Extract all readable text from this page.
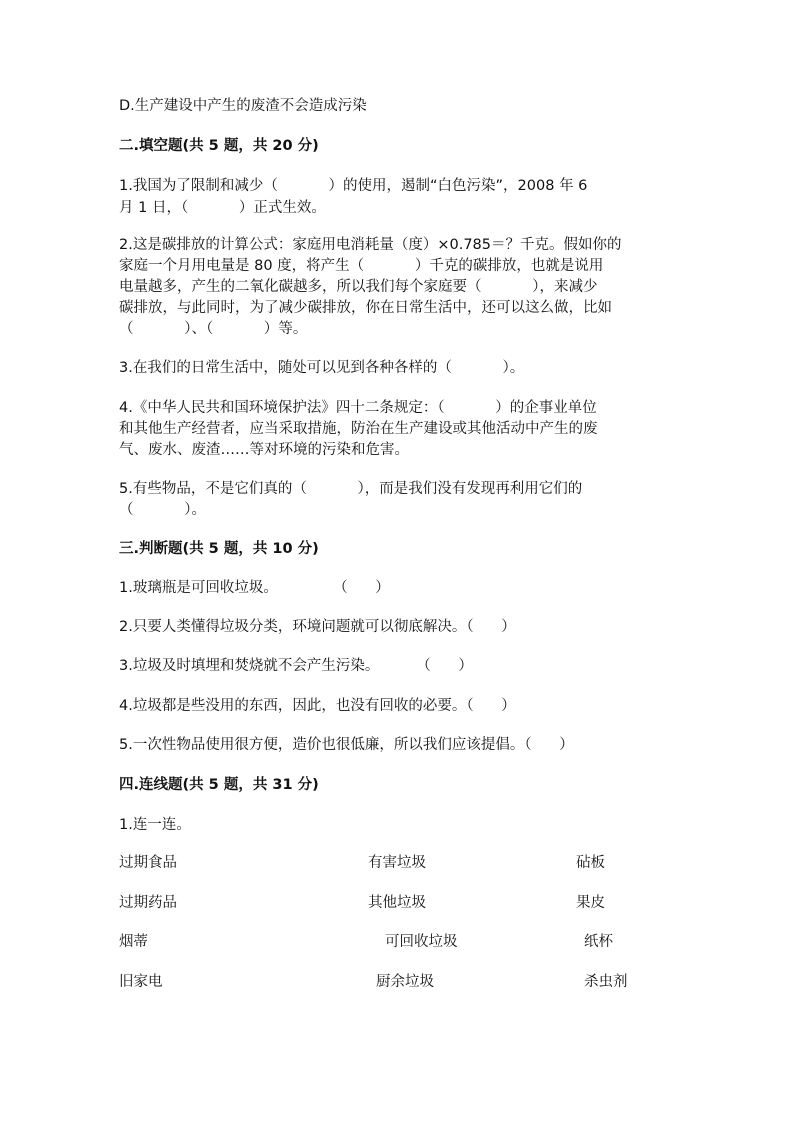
D.生产建设中产生的废渣不会造成污染
二.填空题(共 5 题，共 20 分)
1.我国为了限制和减少（           ）的使用，遏制“白色污染”，2008 年 6
月 1 日，（           ）正式生效。
2.这是碳排放的计算公式：家庭用电消耗量（度）×0.785＝？千克。假如你的
家庭一个月用电量是 80 度，将产生（           ）千克的碳排放，也就是说用
电量越多，产生的二氧化碳越多，所以我们每个家庭要（           ），来减少
碳排放，与此同时，为了减少碳排放，你在日常生活中，还可以这么做，比如
（           ）、（           ）等。
3.在我们的日常生活中，随处可以见到各种各样的（           ）。
4.《中华人民共和国环境保护法》四十二条规定：（           ）的企事业单位
和其他生产经营者，应当采取措施，防治在生产建设或其他活动中产生的废
气、废水、废渣……等对环境的污染和危害。
5.有些物品，不是它们真的（           ），而是我们没有发现再利用它们的
（           ）。
三.判断题(共 5 题，共 10 分)
1.玻璃瓶是可回收垃圾。            （      ）
2.只要人类懂得垃圾分类，环境问题就可以彻底解决。（      ）
3.垃圾及时填埋和焚烧就不会产生污染。        （      ）
4.垃圾都是些没用的东西，因此，也没有回收的必要。（      ）
5.一次性物品使用很方便，造价也很低廉，所以我们应该提倡。（      ）
四.连线题(共 5 题，共 31 分)
1.连一连。
过期食品
过期药品
烟蒂
旧家电
有害垃圾
其他垃圾
可回收垃圾
厨余垃圾
砧板
果皮
纸杯
杀虫剂
